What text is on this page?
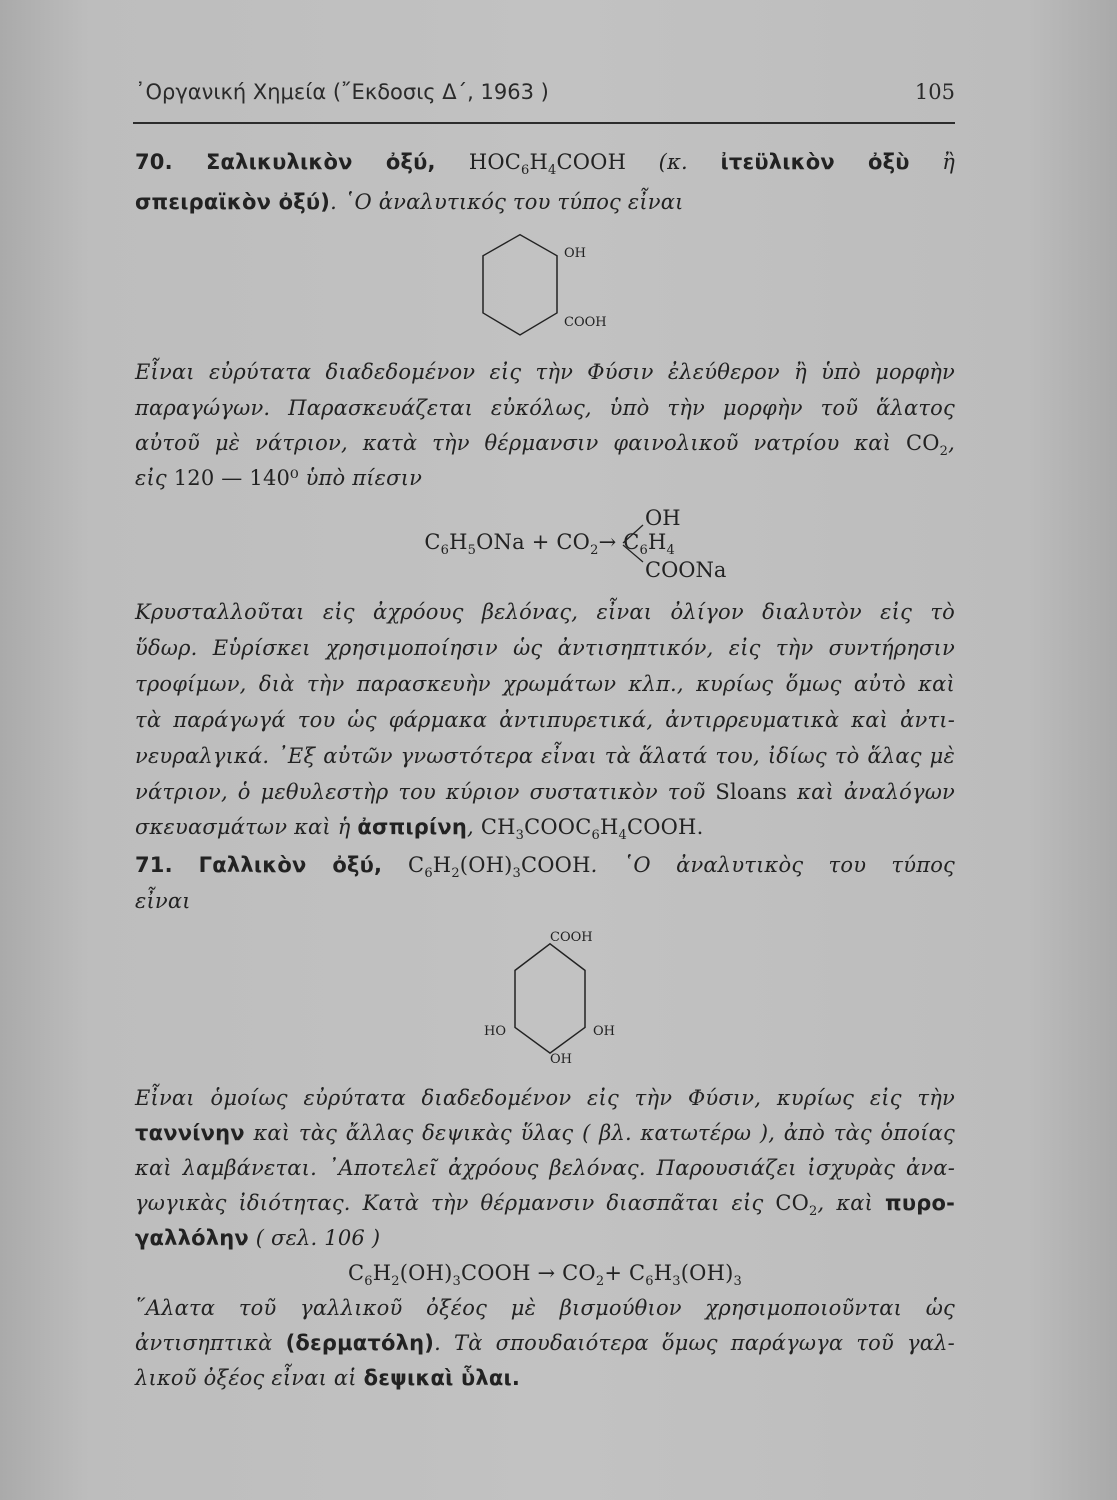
᾿Οργανική Χημεία (῎Εκδοσις Δ΄, 1963 )	105
OH
COOH
OH
COONa
COOH
HO	OH
OH
70. Σαλικυλικὸν ὀξύ, $HOC_6H_4COOH$ (κ. ἰτεϋλικὸν ὀξὺ ἢ
σπειραϊκὸν ὀξύ). ῾Ο ἀναλυτικός του τύπος εἶναι
Εἶναι εὐρύτατα διαδεδομένον εἰς τὴν Φύσιν ἐλεύθερον ἢ ὑπὸ μορφὴν
παραγώγων. Παρασκευάζεται εὐκόλως, ὑπὸ τὴν μορφὴν τοῦ ἅλατος
αὐτοῦ μὲ νάτριον, κατὰ τὴν θέρμανσιν φαινολικοῦ νατρίου καὶ $CO_2$,
εἰς 120 — 140⁰ ὑπὸ πίεσιν
$C_6H_5ONa + CO_2\to C_6H_4$
Κρυσταλλοῦται εἰς ἀχρόους βελόνας, εἶναι ὀλίγον διαλυτὸν εἰς τὸ
ὕδωρ. Εὑρίσκει χρησιμοποίησιν ὡς ἀντισηπτικόν, εἰς τὴν συντήρησιν
τροφίμων, διὰ τὴν παρασκευὴν χρωμάτων κλπ., κυρίως ὅμως αὐτὸ καὶ
τὰ παράγωγά του ὡς φάρμακα ἀντιπυρετικά, ἀντιρρευματικὰ καὶ ἀντι-
νευραλγικά. ᾿Εξ αὐτῶν γνωστότερα εἶναι τὰ ἅλατά του, ἰδίως τὸ ἅλας μὲ
νάτριον, ὁ μεθυλεστὴρ του κύριον συστατικὸν τοῦ Sloans καὶ ἀναλόγων
σκευασμάτων καὶ ἡ ἀσπιρίνη, $CH_3COOC_6H_4COOH$.
71. Γαλλικὸν ὀξύ, $C_6H_2(OH)_3COOH$. ῾Ο ἀναλυτικὸς του τύπος
εἶναι
Εἶναι ὁμοίως εὐρύτατα διαδεδομένον εἰς τὴν Φύσιν, κυρίως εἰς τὴν
ταννίνην καὶ τὰς ἄλλας δεψικὰς ὕλας ( βλ. κατωτέρω ), ἀπὸ τὰς ὁποίας
καὶ λαμβάνεται. ᾿Αποτελεῖ ἀχρόους βελόνας. Παρουσιάζει ἰσχυρὰς ἀνα-
γωγικὰς ἰδιότητας. Κατὰ τὴν θέρμανσιν διασπᾶται εἰς $CO_2$, καὶ πυρο-
γαλλόλην ( σελ. 106 )
$C_6H_2(OH)_3COOH \to CO_2+ C_6H_3(OH)_3$
῞Αλατα τοῦ γαλλικοῦ ὀξέος μὲ βισμούθιον χρησιμοποιοῦνται ὡς
ἀντισηπτικὰ (δερματόλη). Τὰ σπουδαιότερα ὅμως παράγωγα τοῦ γαλ-
λικοῦ ὀξέος εἶναι αἱ δεψικαὶ ὗλαι.
